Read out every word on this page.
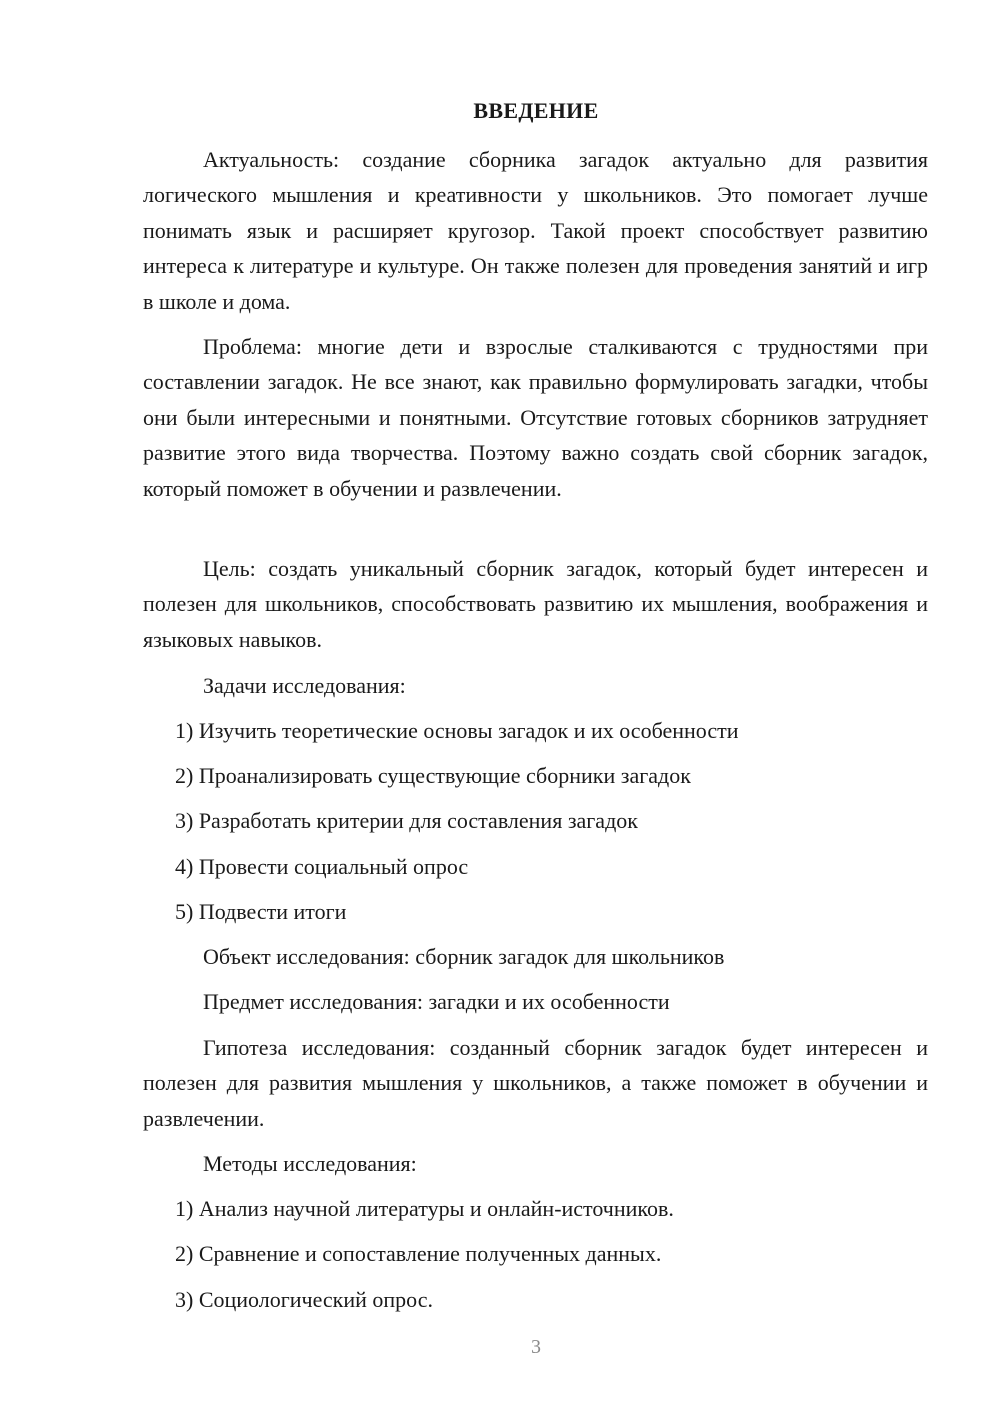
ВВЕДЕНИЕ

Актуальность: создание сборника загадок актуально для развития логического мышления и креативности у школьников. Это помогает лучше понимать язык и расширяет кругозор. Такой проект способствует развитию интереса к литературе и культуре. Он также полезен для проведения занятий и игр в школе и дома.

Проблема: многие дети и взрослые сталкиваются с трудностями при составлении загадок. Не все знают, как правильно формулировать загадки, чтобы они были интересными и понятными. Отсутствие готовых сборников затрудняет развитие этого вида творчества. Поэтому важно создать свой сборник загадок, который поможет в обучении и развлечении.

Цель: создать уникальный сборник загадок, который будет интересен и полезен для школьников, способствовать развитию их мышления, воображения и языковых навыков.

Задачи исследования:

1) Изучить теоретические основы загадок и их особенности

2) Проанализировать существующие сборники загадок

3) Разработать критерии для составления загадок

4) Провести социальный опрос

5) Подвести итоги

Объект исследования: сборник загадок для школьников

Предмет исследования: загадки и их особенности

Гипотеза исследования: созданный сборник загадок будет интересен и полезен для развития мышления у школьников, а также поможет в обучении и развлечении.

Методы исследования:

1) Анализ научной литературы и онлайн-источников.

2) Сравнение и сопоставление полученных данных.

3) Социологический опрос.

3
